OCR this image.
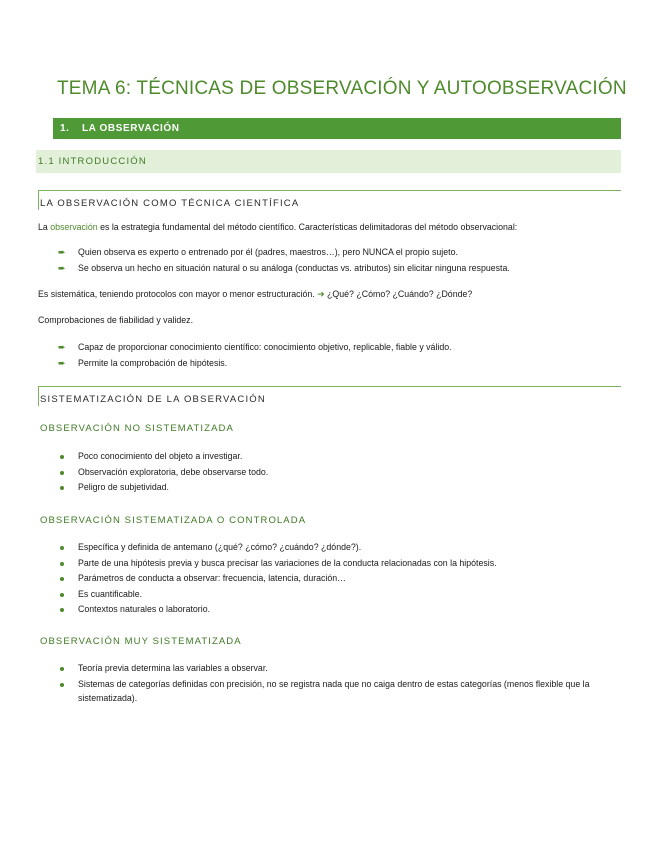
TEMA 6: TÉCNICAS DE OBSERVACIÓN Y AUTOOBSERVACIÓN
1. LA OBSERVACIÓN
1.1 INTRODUCCIÓN
LA OBSERVACIÓN COMO TÉCNICA CIENTÍFICA
La observación es la estrategia fundamental del método científico. Características delimitadoras del método observacional:
➨ Quien observa es experto o entrenado por él (padres, maestros…), pero NUNCA el propio sujeto.
➨ Se observa un hecho en situación natural o su análoga (conductas vs. atributos) sin elicitar ninguna respuesta.
Es sistemática, teniendo protocolos con mayor o menor estructuración. ➔ ¿Qué? ¿Cómo? ¿Cuándo? ¿Dónde?
Comprobaciones de fiabilidad y validez.
➨ Capaz de proporcionar conocimiento científico: conocimiento objetivo, replicable, fiable y válido.
➨ Permite la comprobación de hipótesis.
SISTEMATIZACIÓN DE LA OBSERVACIÓN
OBSERVACIÓN NO SISTEMATIZADA
Poco conocimiento del objeto a investigar.
Observación exploratoria, debe observarse todo.
Peligro de subjetividad.
OBSERVACIÓN SISTEMATIZADA O CONTROLADA
Específica y definida de antemano (¿qué? ¿cómo? ¿cuándo? ¿dónde?).
Parte de una hipótesis previa y busca precisar las variaciones de la conducta relacionadas con la hipótesis.
Parámetros de conducta a observar: frecuencia, latencia, duración…
Es cuantificable.
Contextos naturales o laboratorio.
OBSERVACIÓN MUY SISTEMATIZADA
Teoría previa determina las variables a observar.
Sistemas de categorías definidas con precisión, no se registra nada que no caiga dentro de estas categorías (menos flexible que la sistematizada).
